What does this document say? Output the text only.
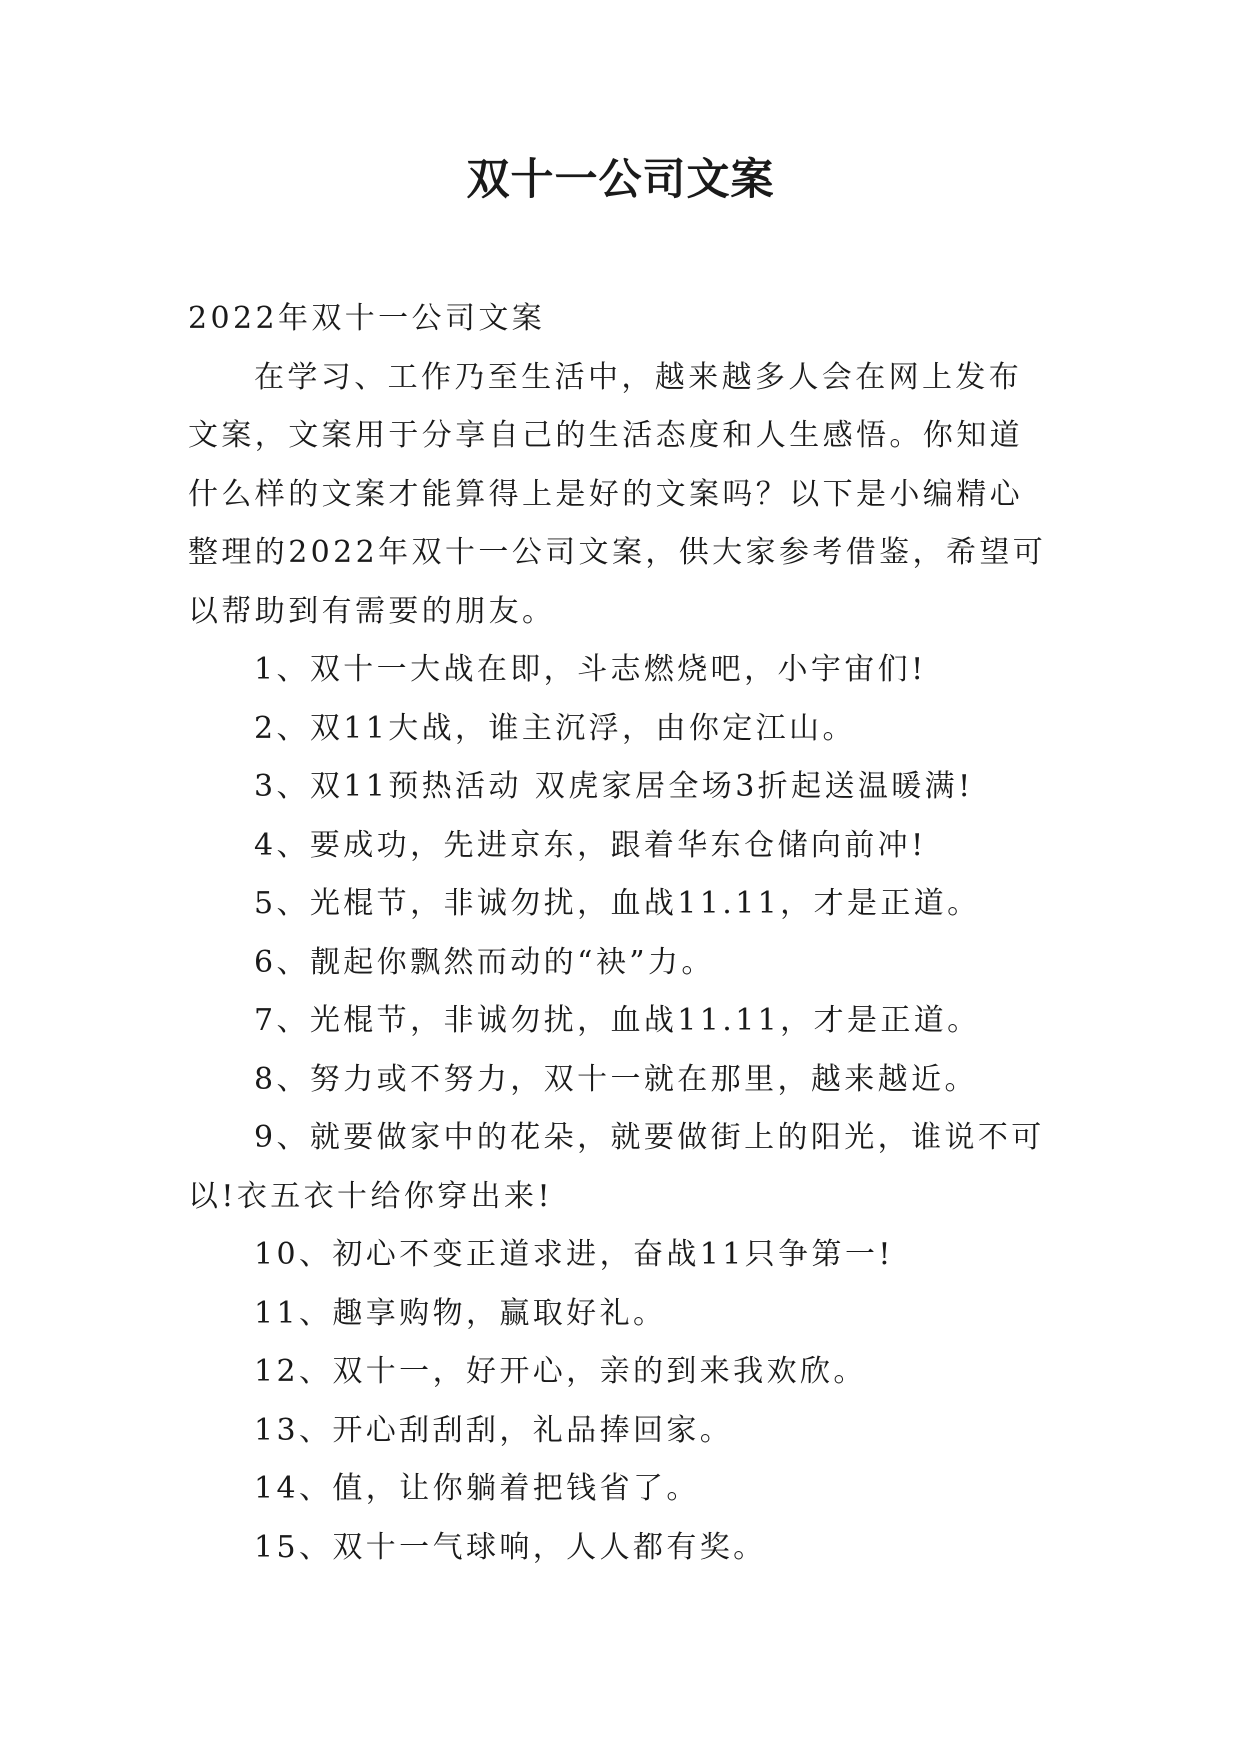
双十一公司文案

2022年双十一公司文案

在学习、工作乃至生活中，越来越多人会在网上发布文案，文案用于分享自己的生活态度和人生感悟。你知道什么样的文案才能算得上是好的文案吗？以下是小编精心整理的2022年双十一公司文案，供大家参考借鉴，希望可以帮助到有需要的朋友。

1、双十一大战在即，斗志燃烧吧，小宇宙们!

2、双11大战，谁主沉浮，由你定江山。

3、双11预热活动 双虎家居全场3折起送温暖满!

4、要成功，先进京东，跟着华东仓储向前冲!

5、光棍节，非诚勿扰，血战11.11，才是正道。

6、靓起你飘然而动的“袂”力。

7、光棍节，非诚勿扰，血战11.11，才是正道。

8、努力或不努力，双十一就在那里，越来越近。

9、就要做家中的花朵，就要做街上的阳光，谁说不可以!衣五衣十给你穿出来!

10、初心不变正道求进，奋战11只争第一!

11、趣享购物，赢取好礼。

12、双十一，好开心，亲的到来我欢欣。

13、开心刮刮刮，礼品捧回家。

14、值，让你躺着把钱省了。

15、双十一气球响，人人都有奖。
